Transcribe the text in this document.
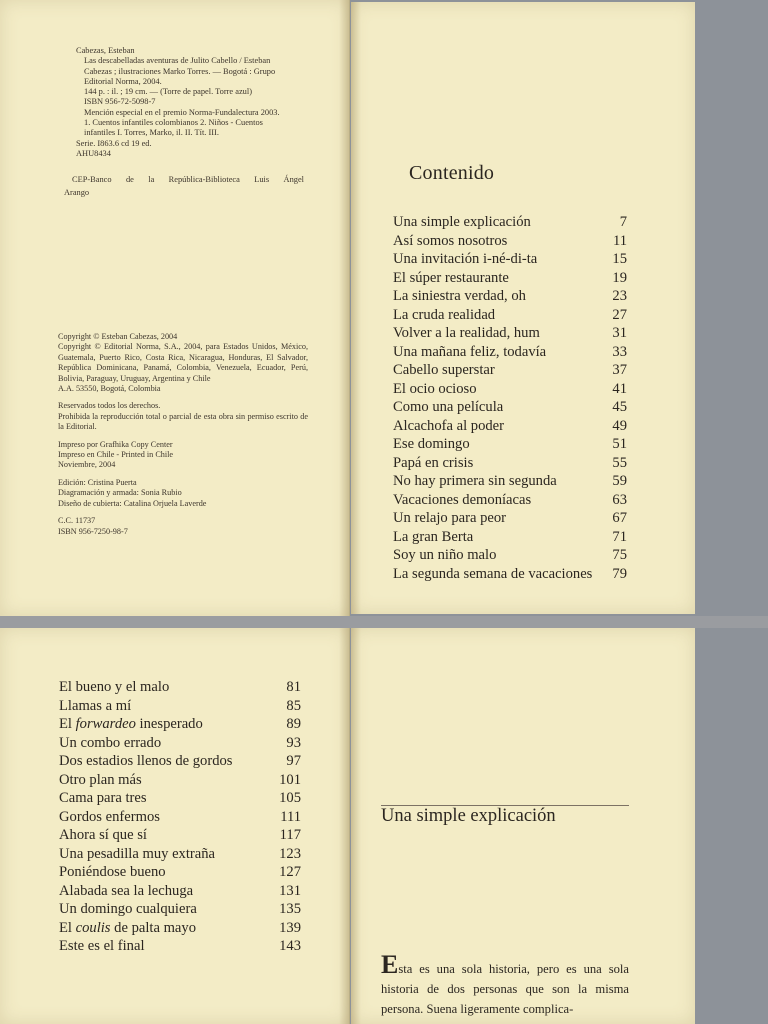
Cabezas, Esteban

Las descabelladas aventuras de Julito Cabello / Esteban

Cabezas ; ilustraciones Marko Torres. — Bogotá : Grupo

Editorial Norma, 2004.

144 p. : il. ; 19 cm. — (Torre de papel. Torre azul)

ISBN 956-72-5098-7

Mención especial en el premio Norma-Fundalectura 2003.

1. Cuentos infantiles colombianos 2. Niños - Cuentos

infantiles I. Torres, Marko, il. II. Tít. III.

Serie. I863.6 cd 19 ed.

AHU8434

CEP-Banco de la República-Biblioteca Luis Ángel
Arango

Copyright © Esteban Cabezas, 2004

Copyright © Editorial Norma, S.A., 2004, para Estados Unidos, México, Guatemala, Puerto Rico, Costa Rica, Nicaragua, Honduras, El Salvador, República Dominicana, Panamá, Colombia, Venezuela, Ecuador, Perú, Bolivia, Paraguay, Uruguay, Argentina y Chile

A.A. 53550, Bogotá, Colombia

Reservados todos los derechos.

Prohibida la reproducción total o parcial de esta obra sin permiso escrito de la Editorial.

Impreso por Grafhika Copy Center

Impreso en Chile - Printed in Chile

Noviembre, 2004

Edición: Cristina Puerta

Diagramación y armada: Sonia Rubio

Diseño de cubierta: Catalina Orjuela Laverde

C.C. 11737

ISBN 956-7250-98-7

Contenido
Una simple explicación	7
Así somos nosotros	11
Una invitación i-né-di-ta	15
El súper restaurante	19
La siniestra verdad, oh	23
La cruda realidad	27
Volver a la realidad, hum	31
Una mañana feliz, todavía	33
Cabello superstar	37
El ocio ocioso	41
Como una película	45
Alcachofa al poder	49
Ese domingo	51
Papá en crisis	55
No hay primera sin segunda	59
Vacaciones demoníacas	63
Un relajo para peor	67
La gran Berta	71
Soy un niño malo	75
La segunda semana de vacaciones	79
El bueno y el malo	81
Llamas a mí	85
El forwardeo inesperado	89
Un combo errado	93
Dos estadios llenos de gordos	97
Otro plan más	101
Cama para tres	105
Gordos enfermos	111
Ahora sí que sí	117
Una pesadilla muy extraña	123
Poniéndose bueno	127
Alabada sea la lechuga	131
Un domingo cualquiera	135
El coulis de palta mayo	139
Este es el final	143
Una simple explicación
Esta es una sola historia, pero es una sola historia de dos personas que son la misma persona. Suena ligeramente complica-
